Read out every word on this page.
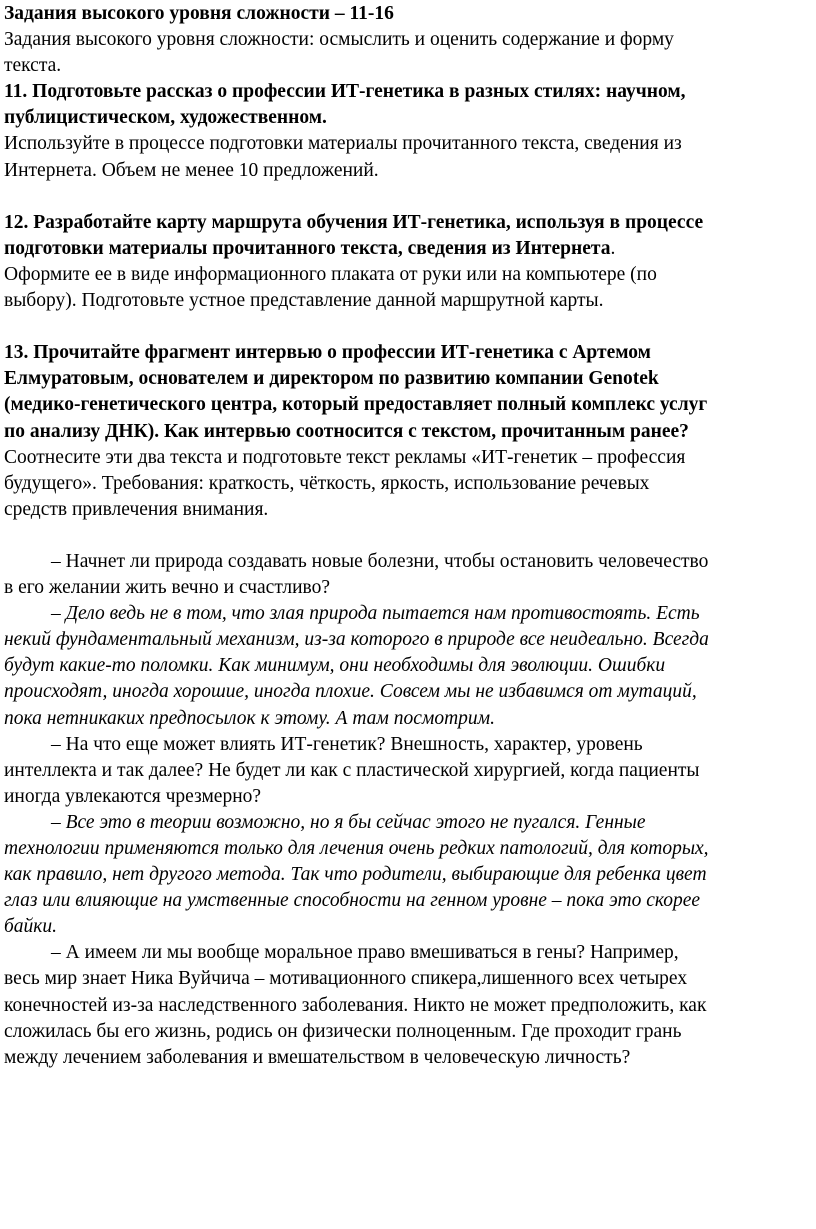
Задания высокого уровня сложности – 11-16
Задания высокого уровня сложности: осмыслить и оценить содержание и форму
текста.
11. Подготовьте рассказ о профессии ИТ-генетика в разных стилях: научном,
публицистическом, художественном.
Используйте в процессе подготовки материалы прочитанного текста, сведения из
Интернета. Объем не менее 10 предложений.
12. Разработайте карту маршрута обучения ИТ-генетика, используя в процессе
подготовки материалы прочитанного текста, сведения из Интернета.
Оформите ее в виде информационного плаката от руки или на компьютере (по
выбору). Подготовьте устное представление данной маршрутной карты.
13. Прочитайте фрагмент интервью о профессии ИТ-генетика с Артемом
Елмуратовым, основателем и директором по развитию компании Genotek
(медико-генетического центра, который предоставляет полный комплекс услуг
по анализу ДНК). Как интервью соотносится с текстом, прочитанным ранее?
Соотнесите эти два текста и подготовьте текст рекламы «ИТ-генетик – профессия
будущего». Требования: краткость, чёткость, яркость, использование речевых
средств привлечения внимания.
– Начнет ли природа создавать новые болезни, чтобы остановить человечество
в его желании жить вечно и счастливо?
– Дело ведь не в том, что злая природа пытается нам противостоять. Есть
некий фундаментальный механизм, из-за которого в природе все неидеально. Всегда
будут какие-то поломки. Как минимум, они необходимы для эволюции. Ошибки
происходят, иногда хорошие, иногда плохие. Совсем мы не избавимся от мутаций,
пока нетникаких предпосылок к этому. А там посмотрим.
– На что еще может влиять ИТ-генетик? Внешность, характер, уровень
интеллекта и так далее? Не будет ли как с пластической хирургией, когда пациенты
иногда увлекаются чрезмерно?
– Все это в теории возможно, но я бы сейчас этого не пугался. Генные
технологии применяются только для лечения очень редких патологий, для которых,
как правило, нет другого метода. Так что родители, выбирающие для ребенка цвет
глаз или влияющие на умственные способности на генном уровне – пока это скорее
байки.
– А имеем ли мы вообще моральное право вмешиваться в гены? Например,
весь мир знает Ника Вуйчича – мотивационного спикера,лишенного всех четырех
конечностей из-за наследственного заболевания. Никто не может предположить, как
сложилась бы его жизнь, родись он физически полноценным. Где проходит грань
между лечением заболевания и вмешательством в человеческую личность?
